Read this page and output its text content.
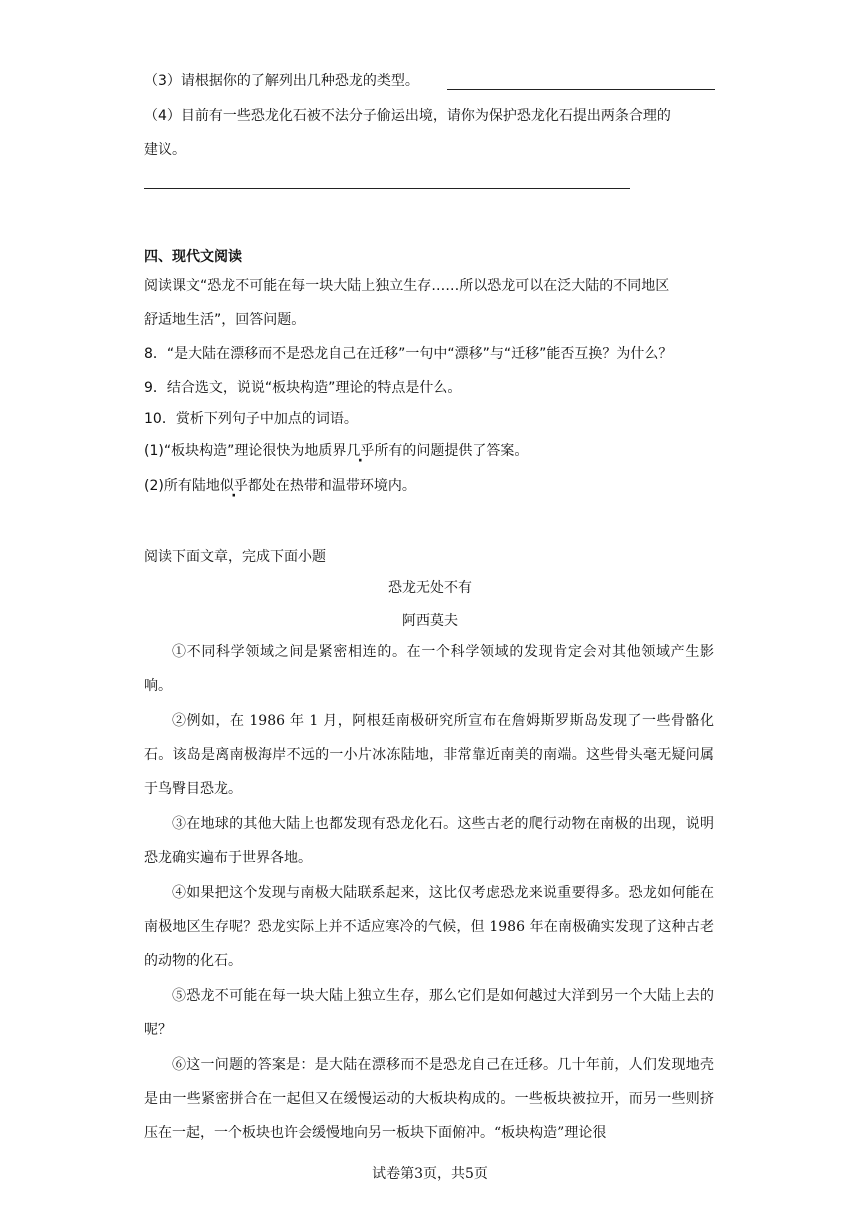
（3）请根据你的了解列出几种恐龙的类型。
（4）目前有一些恐龙化石被不法分子偷运出境，请你为保护恐龙化石提出两条合理的
建议。
四、现代文阅读
阅读课文“恐龙不可能在每一块大陆上独立生存……所以恐龙可以在泛大陆的不同地区
舒适地生活”，回答问题。
8．“是大陆在漂移而不是恐龙自己在迁移”一句中“漂移”与“迁移”能否互换？为什么？
9．结合选文，说说“板块构造”理论的特点是什么。
10．赏析下列句子中加点的词语。
(1)“板块构造”理论很快为地质界几乎所有的问题提供了答案。
(2)所有陆地似乎都处在热带和温带环境内。
阅读下面文章，完成下面小题
恐龙无处不有
阿西莫夫

①不同科学领域之间是紧密相连的。在一个科学领域的发现肯定会对其他领域产生影响。

②例如，在 1986 年 1 月，阿根廷南极研究所宣布在詹姆斯罗斯岛发现了一些骨骼化石。该岛是离南极海岸不远的一小片冰冻陆地，非常靠近南美的南端。这些骨头毫无疑问属于鸟臀目恐龙。

③在地球的其他大陆上也都发现有恐龙化石。这些古老的爬行动物在南极的出现，说明恐龙确实遍布于世界各地。

④如果把这个发现与南极大陆联系起来，这比仅考虑恐龙来说重要得多。恐龙如何能在南极地区生存呢？恐龙实际上并不适应寒冷的气候，但 1986 年在南极确实发现了这种古老的动物的化石。

⑤恐龙不可能在每一块大陆上独立生存，那么它们是如何越过大洋到另一个大陆上去的呢？

⑥这一问题的答案是：是大陆在漂移而不是恐龙自己在迁移。几十年前，人们发现地壳是由一些紧密拼合在一起但又在缓慢运动的大板块构成的。一些板块被拉开，而另一些则挤压在一起，一个板块也许会缓慢地向另一板块下面俯冲。“板块构造”理论很

试卷第3页，共5页
